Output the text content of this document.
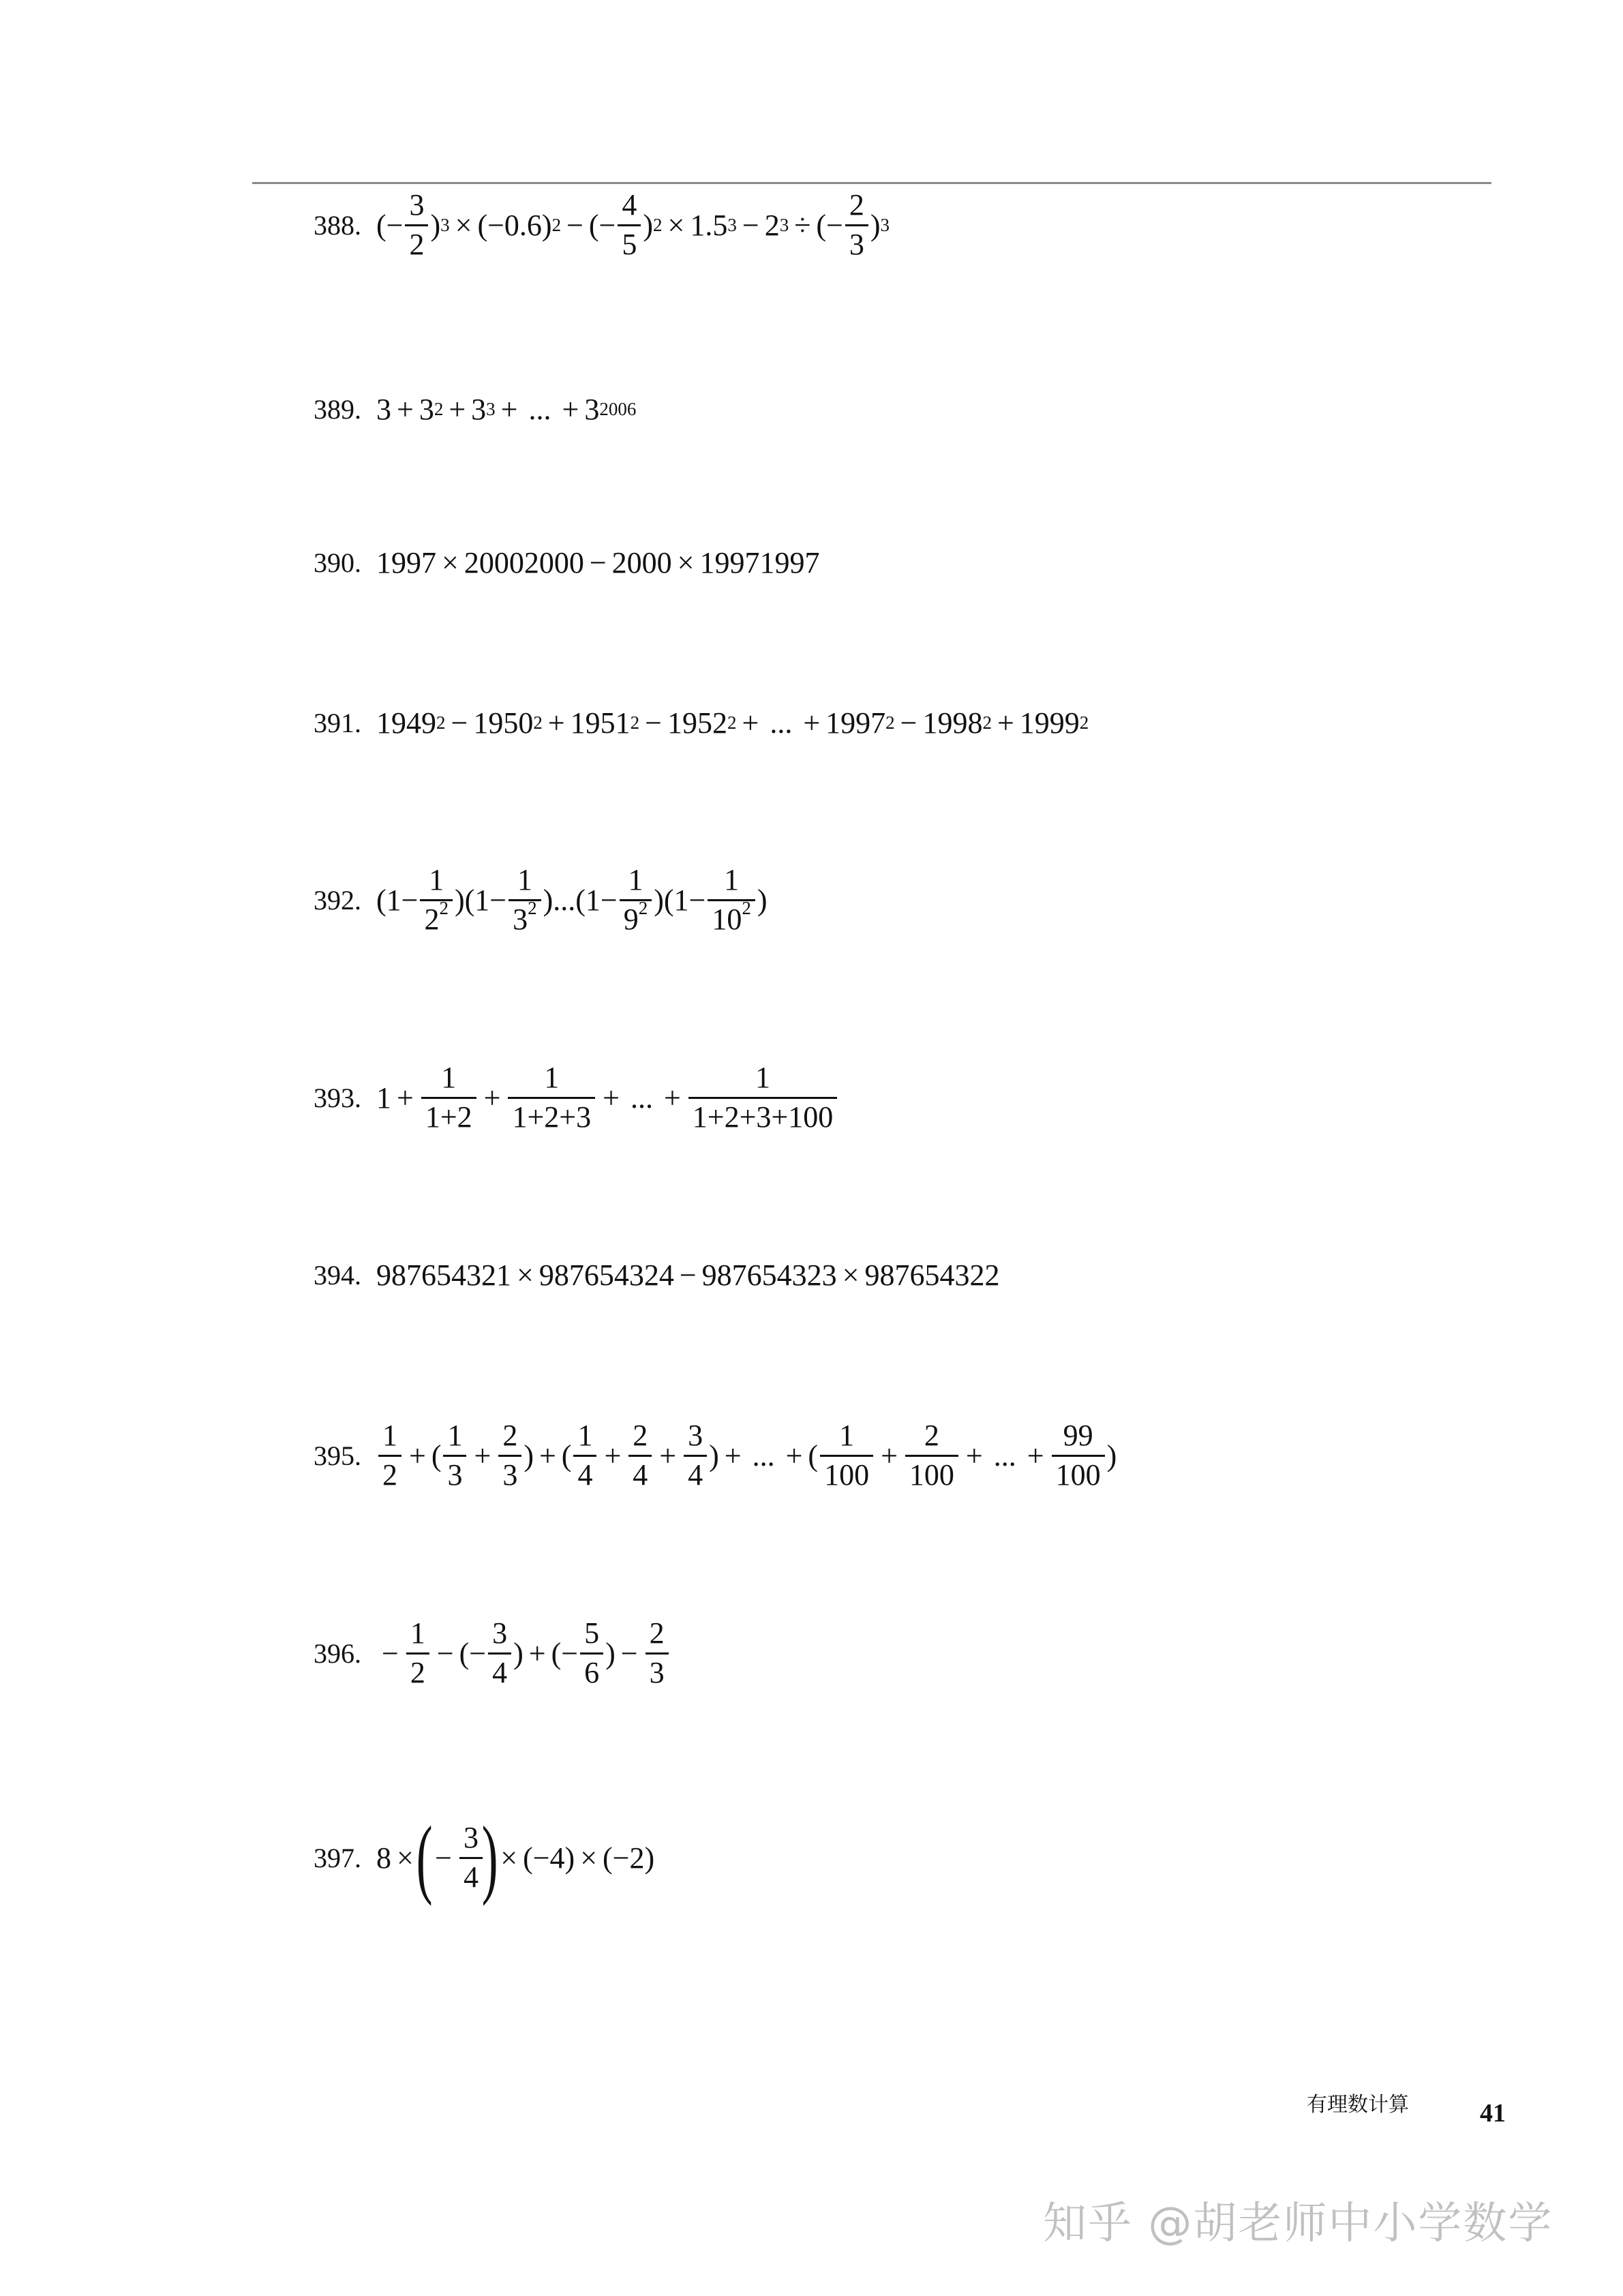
388. (− $\frac{3}{2}$ ) 3 × (−0.6) 2 − (− $\frac{4}{5}$ ) 2 × 1.5 3 − 2 3 ÷ (− $\frac{2}{3}$ ) 3
389. 3 + 3 2 + 3 3 + ... + 3 2006
390. 1997 × 20002000 − 2000 × 19971997
391. 1949 2 − 1950 2 + 1951 2 − 1952 2 + ... + 1997 2 − 1998 2 + 1999 2
392. $(1- \frac{1}{2^2} )(1- \frac{1}{3^2} )...(1- \frac{1}{9^2} )(1- \frac{1}{10^2}$ )
393. $1 + \frac{1}{1+2} + \frac{1}{1+2+3}$ + ... + $\frac{1}{1+2+3+100}$
394. 987654321 × 987654324 − 987654323 × 987654322
395. $\frac{1}{2}$ + ( $\frac{1}{3} + \frac{2}{3}$ ) + ( $\frac{1}{4} + \frac{2}{4} + \frac{3}{4}$ ) + ... + ( $\frac{1}{100} + \frac{2}{100}$ + ... + $\frac{99}{100}$ )
396. − $\frac{1}{2}$ − (− $\frac{3}{4}$ ) + (− $\frac{5}{6}$ ) − $\frac{2}{3}$
397. 8 × ( − $\frac{3}{4}$
) × (−4) × (−2)
有理数计算	41
知乎 @胡老师中小学数学
